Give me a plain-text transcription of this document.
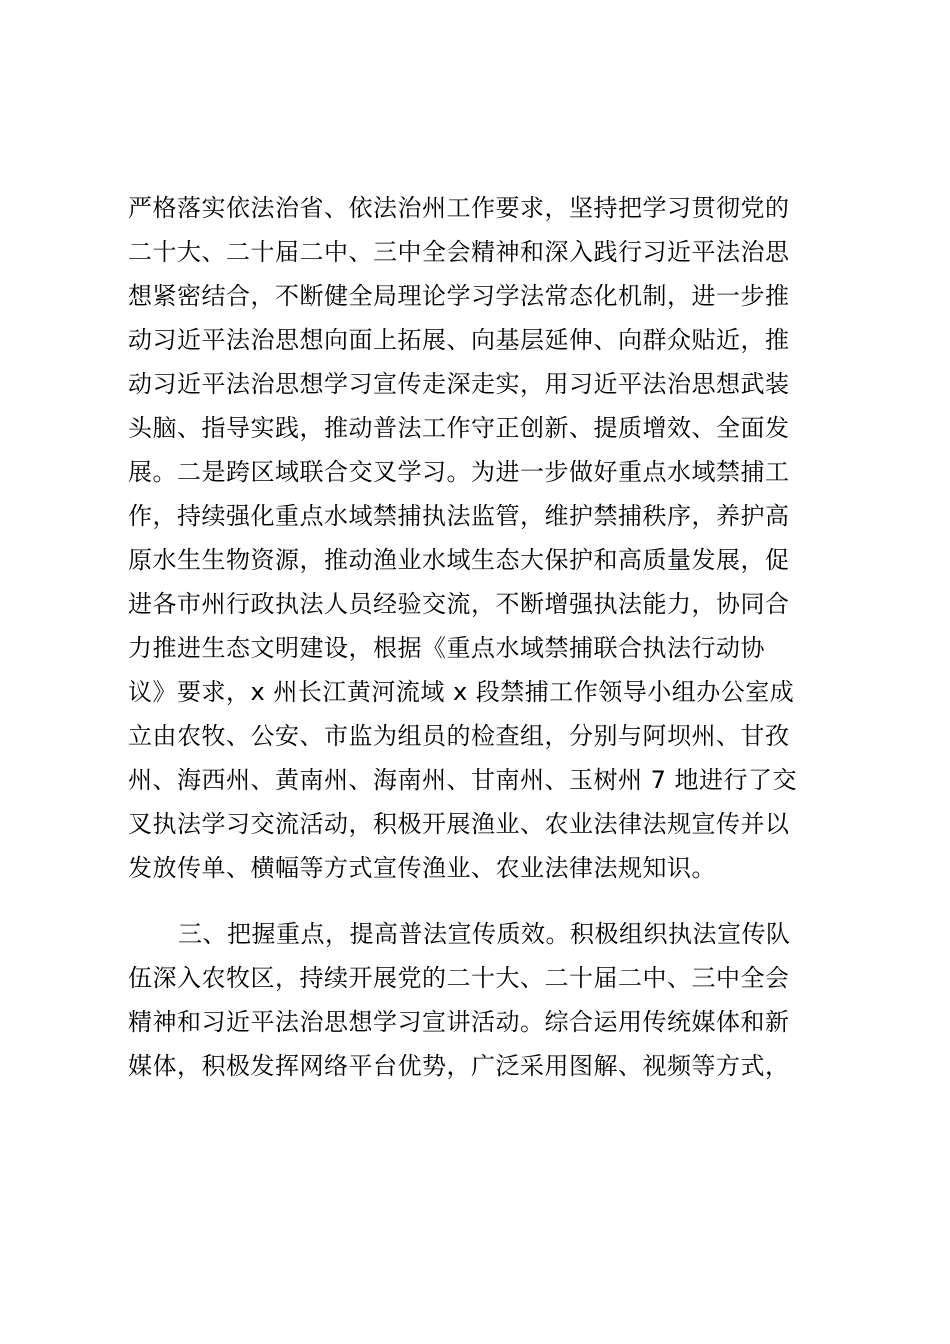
严格落实依法治省、依法治州工作要求，坚持把学习贯彻党的
二十大、二十届二中、三中全会精神和深入践行习近平法治思
想紧密结合，不断健全局理论学习学法常态化机制，进一步推
动习近平法治思想向面上拓展、向基层延伸、向群众贴近，推
动习近平法治思想学习宣传走深走实，用习近平法治思想武装
头脑、指导实践，推动普法工作守正创新、提质增效、全面发
展。二是跨区域联合交叉学习。为进一步做好重点水域禁捕工
作，持续强化重点水域禁捕执法监管，维护禁捕秩序，养护高
原水生生物资源，推动渔业水域生态大保护和高质量发展，促
进各市州行政执法人员经验交流，不断增强执法能力，协同合
力推进生态文明建设，根据《重点水域禁捕联合执法行动协
议》要求，x 州长江黄河流域 x 段禁捕工作领导小组办公室成
立由农牧、公安、市监为组员的检查组，分别与阿坝州、甘孜
州、海西州、黄南州、海南州、甘南州、玉树州 7 地进行了交
叉执法学习交流活动，积极开展渔业、农业法律法规宣传并以
发放传单、横幅等方式宣传渔业、农业法律法规知识。
三、把握重点，提高普法宣传质效。积极组织执法宣传队
伍深入农牧区，持续开展党的二十大、二十届二中、三中全会
精神和习近平法治思想学习宣讲活动。综合运用传统媒体和新
媒体，积极发挥网络平台优势，广泛采用图解、视频等方式，
